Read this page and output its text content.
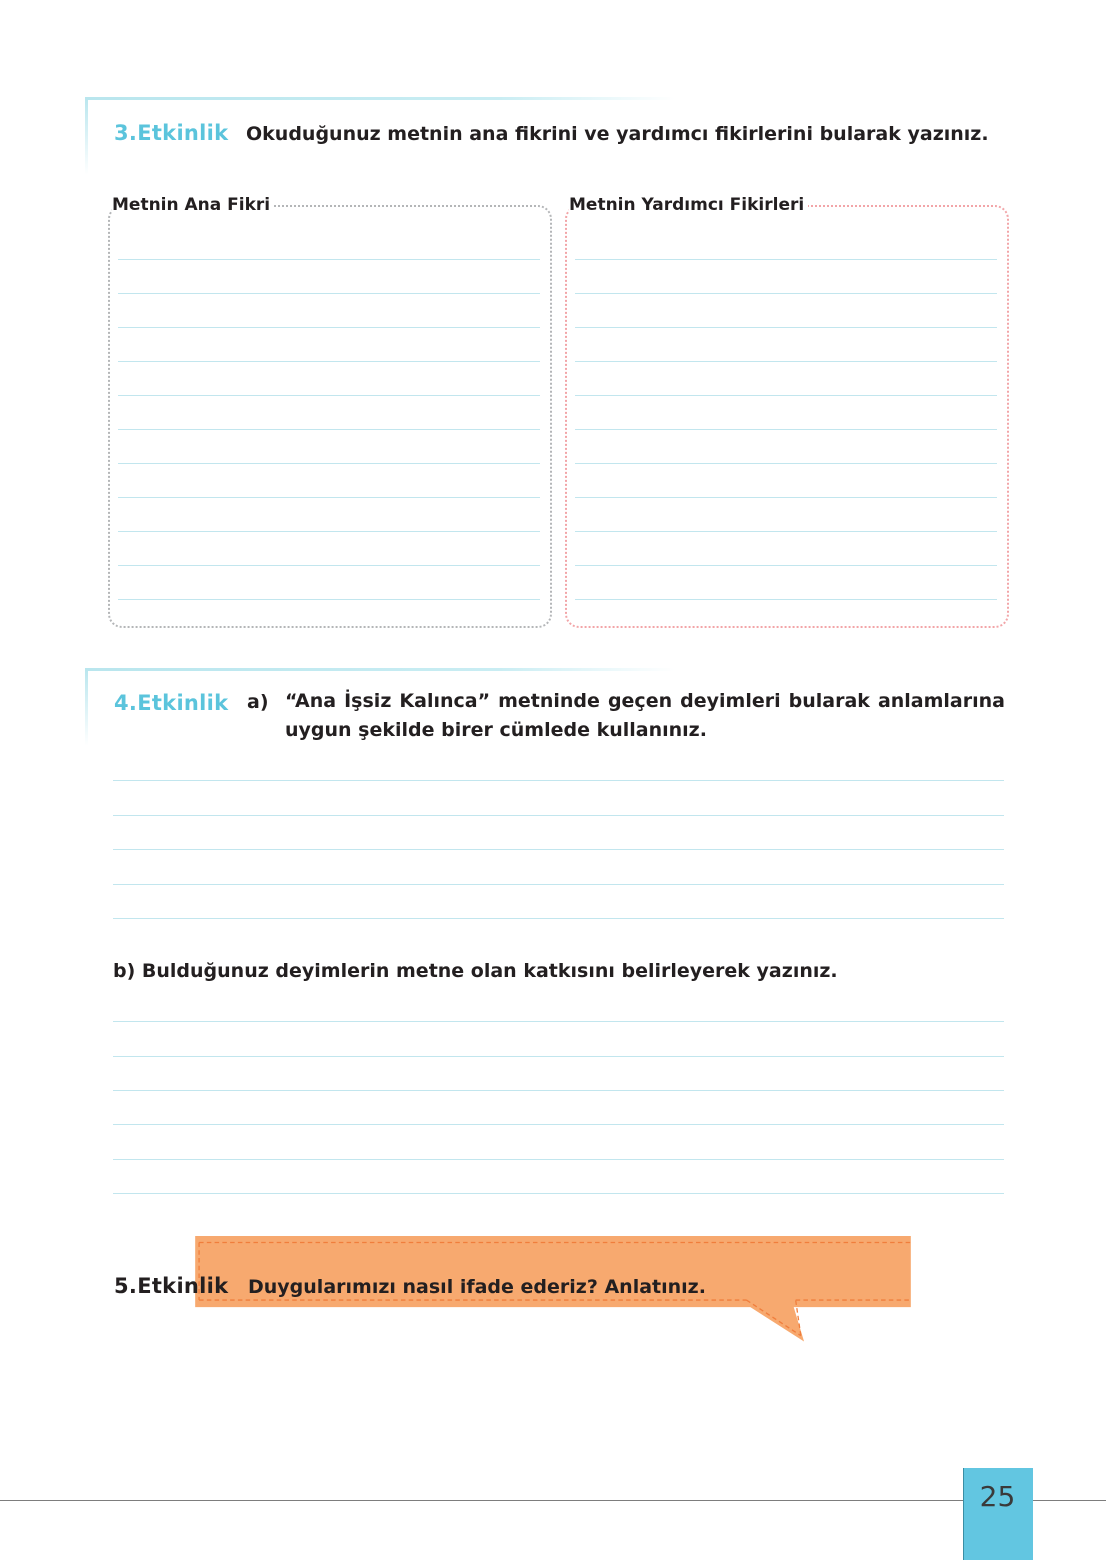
3.Etkinlik Okuduğunuz metnin ana fikrini ve yardımcı fikirlerini bularak yazınız.
Metnin Ana Fikri	Metnin Yardımcı Fikirleri
4.Etkinlik a) “Ana İşsiz Kalınca” metninde geçen deyimleri bularak anlamlarına
uygun şekilde birer cümlede kullanınız.
b) Bulduğunuz deyimlerin metne olan katkısını belirleyerek yazınız.
5.Etkinlik Duygularımızı nasıl ifade ederiz? Anlatınız.
25
